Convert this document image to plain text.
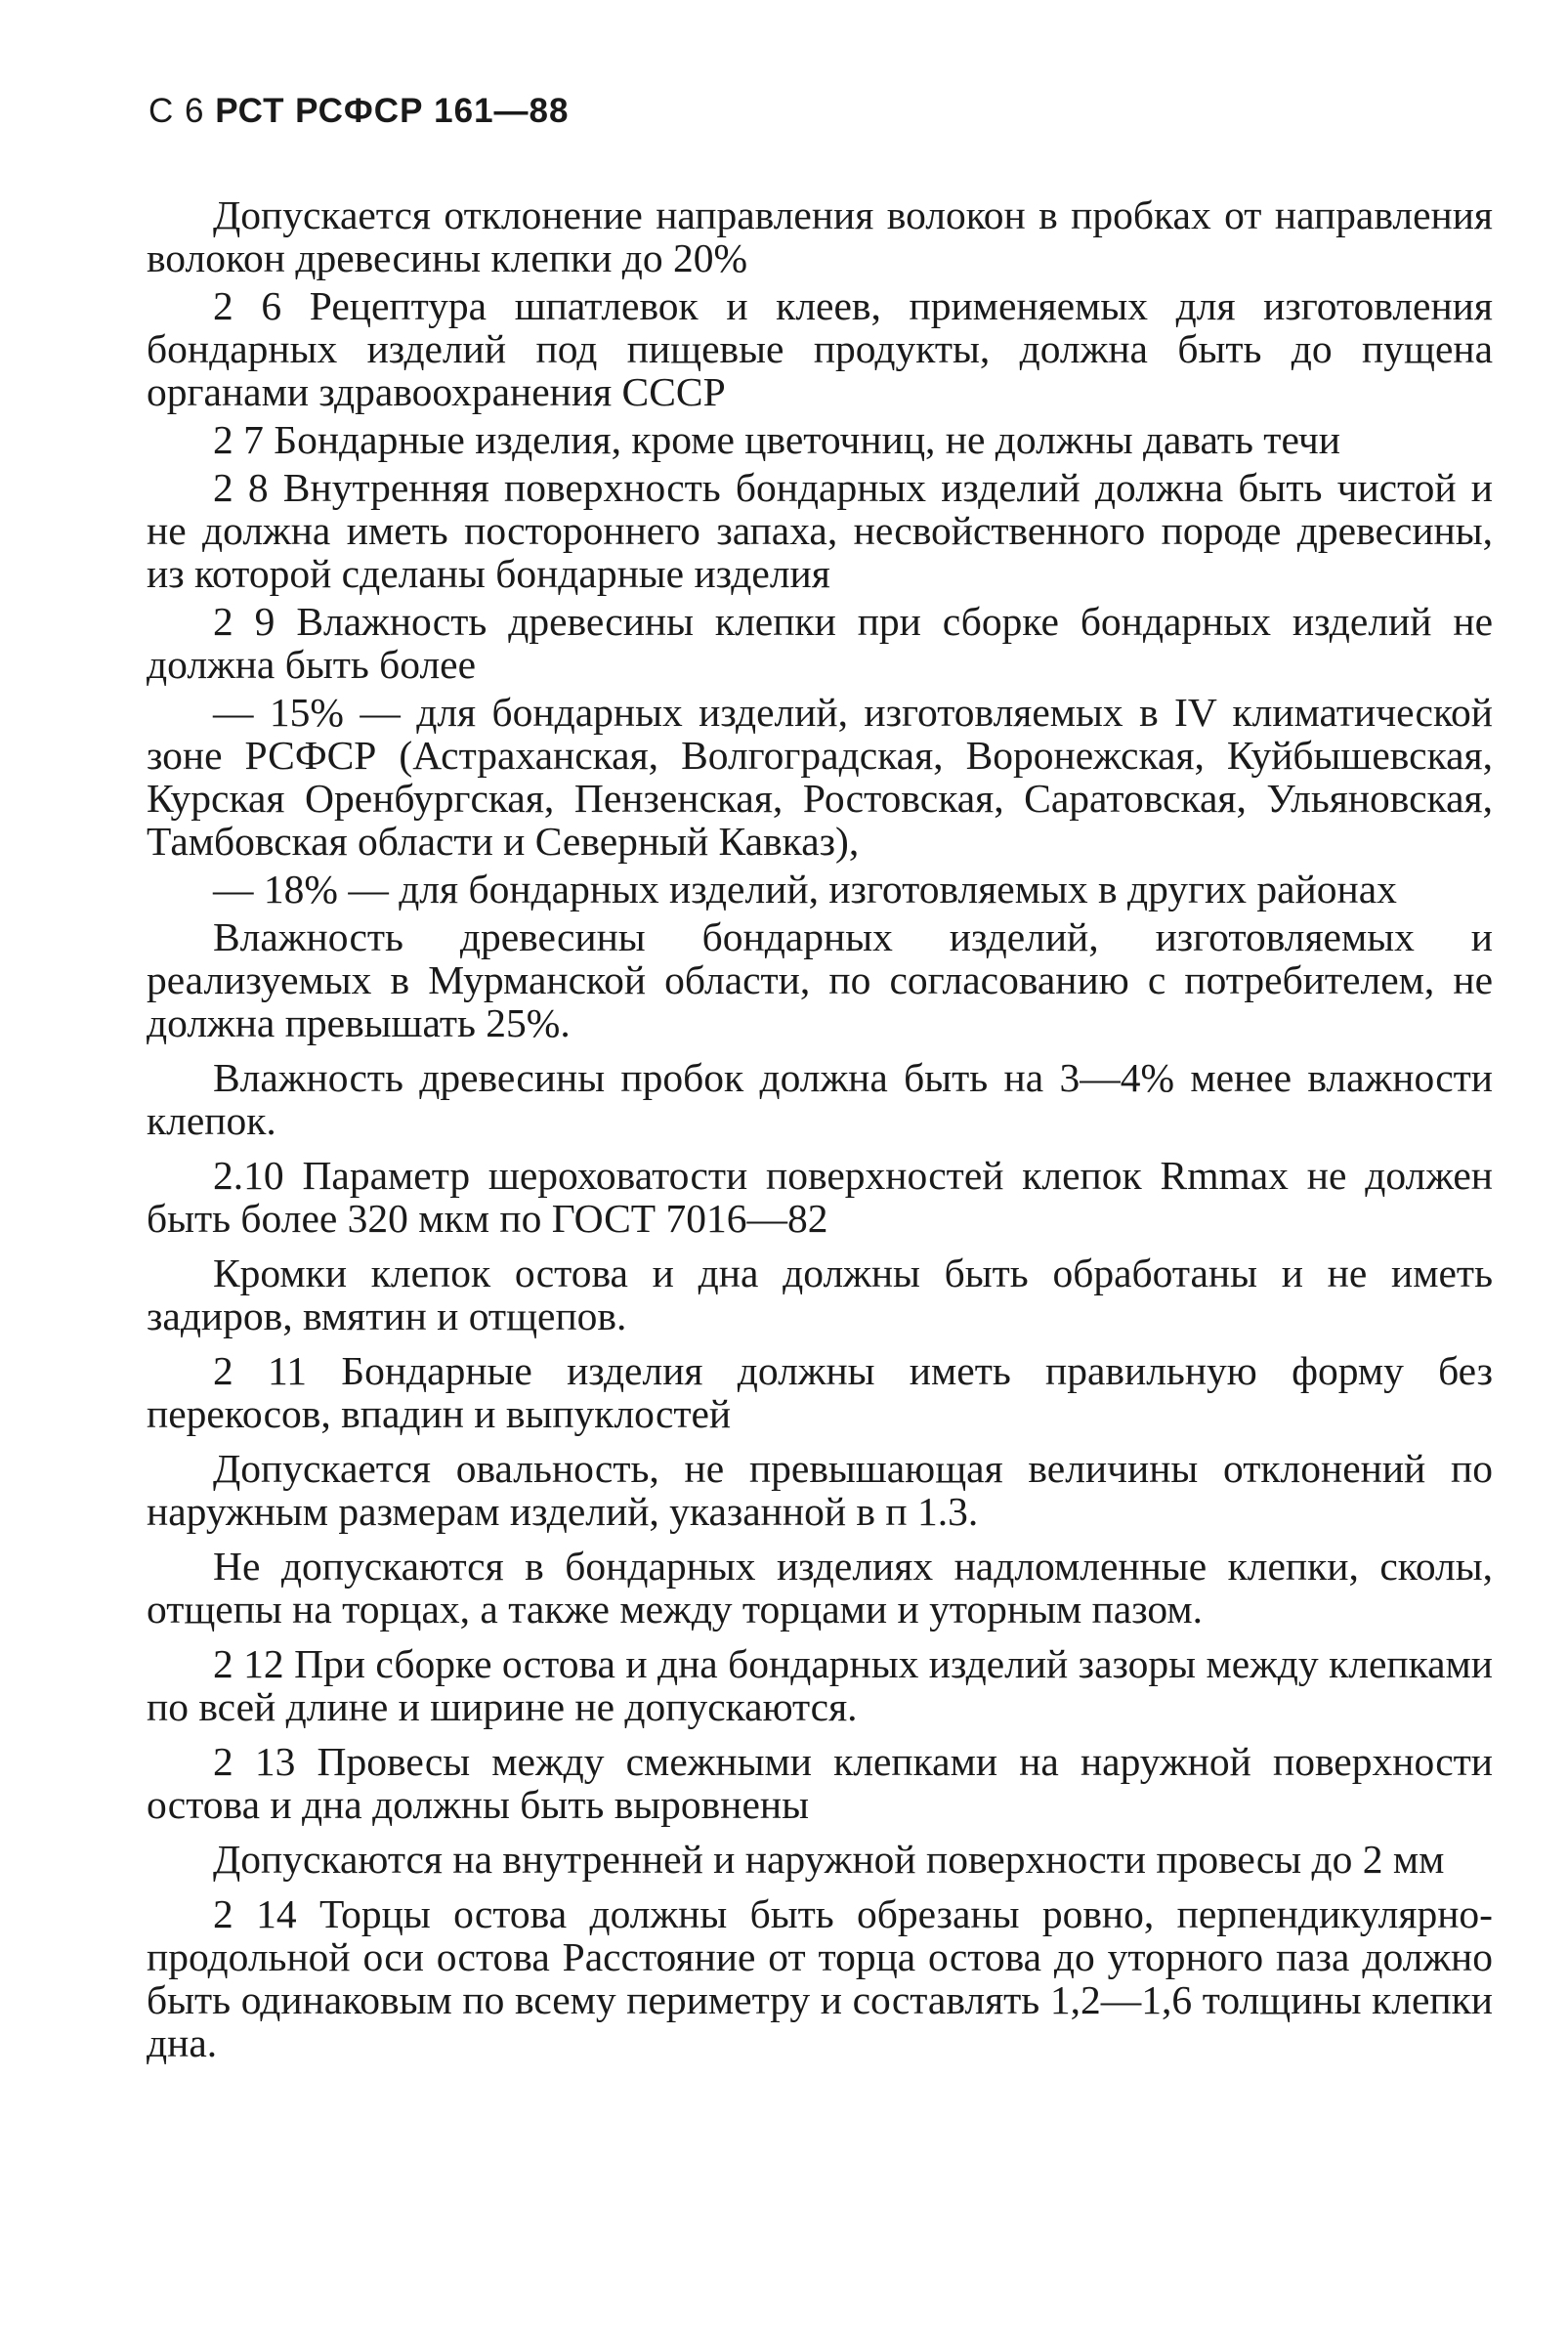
С 6 РСТ РСФСР 161—88

Допускается отклонение направления волокон в пробках от направления волокон древесины клепки до 20%

2 6 Рецептура шпатлевок и клеев, применяемых для изготовления бондарных изделий под пищевые продукты, должна быть до пущена органами здравоохранения СССР

2 7 Бондарные изделия, кроме цветочниц, не должны давать течи

2 8 Внутренняя поверхность бондарных изделий должна быть чистой и не должна иметь постороннего запаха, несвойственного породе древесины, из которой сделаны бондарные изделия

2 9 Влажность древесины клепки при сборке бондарных изделий не должна быть более

— 15% — для бондарных изделий, изготовляемых в IV климатической зоне РСФСР (Астраханская, Волгоградская, Воронежская, Куйбышевская, Курская Оренбургская, Пензенская, Ростовская, Саратовская, Ульяновская, Тамбовская области и Северный Кавказ),

— 18% — для бондарных изделий, изготовляемых в других районах

Влажность древесины бондарных изделий, изготовляемых и реализуемых в Мурманской области, по согласованию с потребителем, не должна превышать 25%.

Влажность древесины пробок должна быть на 3—4% менее влажности клепок.

2.10 Параметр шероховатости поверхностей клепок Rmmax не должен быть более 320 мкм по ГОСТ 7016—82

Кромки клепок остова и дна должны быть обработаны и не иметь задиров, вмятин и отщепов.

2 11 Бондарные изделия должны иметь правильную форму без перекосов, впадин и выпуклостей

Допускается овальность, не превышающая величины отклонений по наружным размерам изделий, указанной в п 1.3.

Не допускаются в бондарных изделиях надломленные клепки, сколы, отщепы на торцах, а также между торцами и уторным пазом.

2 12 При сборке остова и дна бондарных изделий зазоры между клепками по всей длине и ширине не допускаются.

2 13 Провесы между смежными клепками на наружной поверхности остова и дна должны быть выровнены

Допускаются на внутренней и наружной поверхности провесы до 2 мм

2 14 Торцы остова должны быть обрезаны ровно, перпендикулярно-продольной оси остова Расстояние от торца остова до уторного паза должно быть одинаковым по всему периметру и составлять 1,2—1,6 толщины клепки дна.
